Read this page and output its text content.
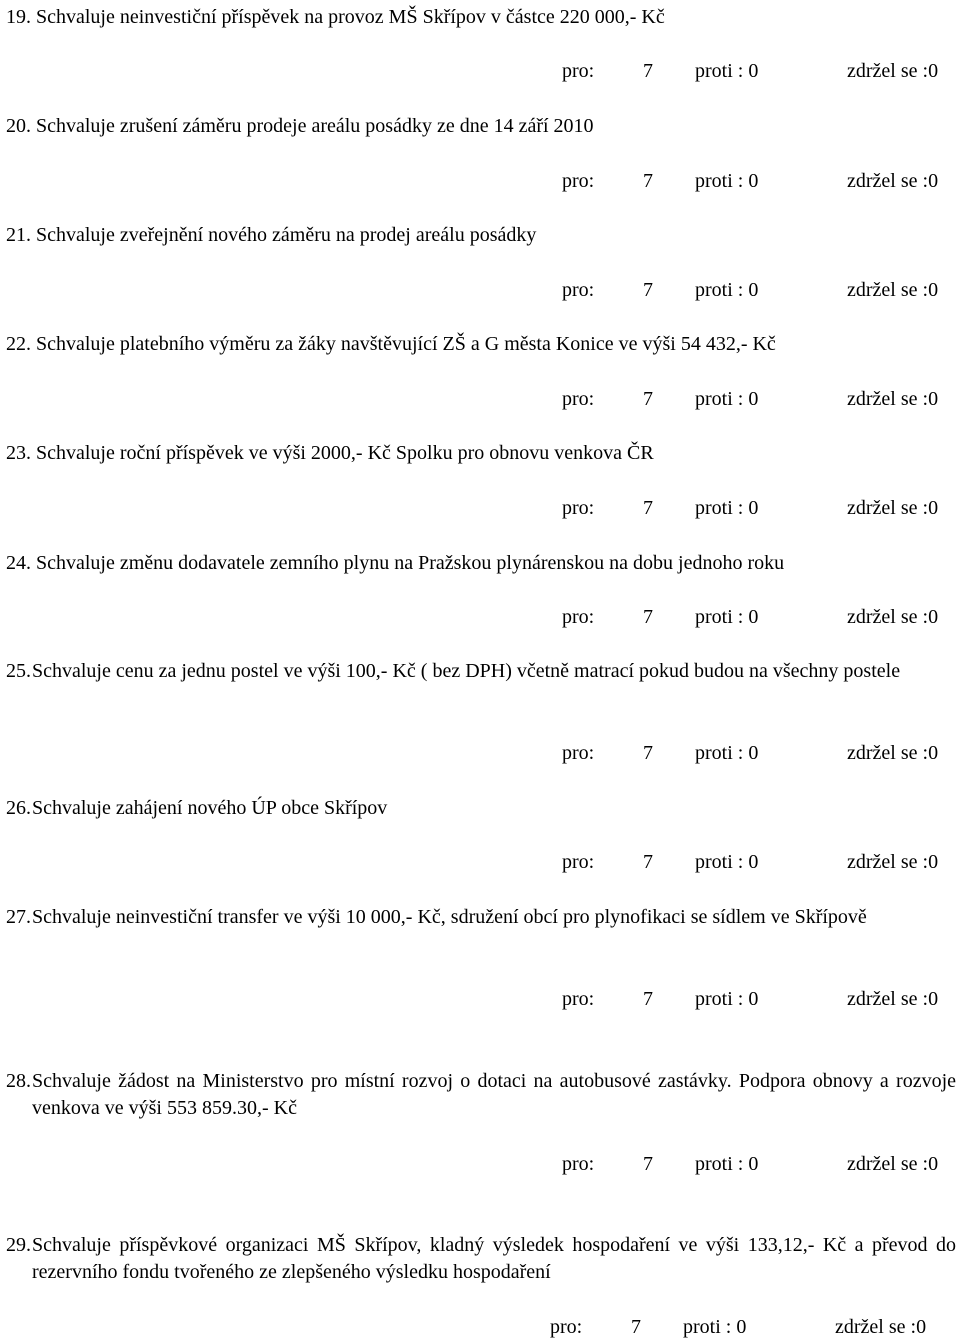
19. Schvaluje neinvestiční příspěvek na provoz MŠ Skřípov v částce 220 000,- Kč
pro: 7 proti : 0	zdržel se :0
20. Schvaluje zrušení záměru prodeje areálu posádky ze dne 14 září 2010
pro: 7 proti : 0	zdržel se :0
21. Schvaluje zveřejnění nového záměru na prodej areálu posádky
pro: 7 proti : 0	zdržel se :0
22. Schvaluje platebního výměru za žáky navštěvující ZŠ a G města Konice ve výši 54 432,- Kč
pro: 7 proti : 0	zdržel se :0
23. Schvaluje roční příspěvek ve výši 2000,- Kč Spolku pro obnovu venkova ČR
pro: 7 proti : 0	zdržel se :0
24. Schvaluje změnu dodavatele zemního plynu na Pražskou plynárenskou na dobu jednoho roku
pro: 7 proti : 0	zdržel se :0
25. Schvaluje cenu za jednu postel ve výši 100,- Kč ( bez DPH) včetně matrací pokud budou na všechny postele
pro: 7 proti : 0	zdržel se :0
26. Schvaluje zahájení nového ÚP obce Skřípov
pro: 7 proti : 0	zdržel se :0
27. Schvaluje neinvestiční transfer ve výši 10 000,- Kč, sdružení obcí pro plynofikaci se sídlem ve Skřípově
pro: 7 proti : 0	zdržel se :0
28. Schvaluje žádost na Ministerstvo pro místní rozvoj o dotaci na autobusové zastávky. Podpora obnovy a rozvoje venkova ve výši 553 859.30,- Kč
pro: 7 proti : 0	zdržel se :0
29. Schvaluje příspěvkové organizaci MŠ Skřípov, kladný výsledek hospodaření ve výši 133,12,- Kč a převod do rezervního fondu tvořeného ze zlepšeného výsledku hospodaření
pro: 7 proti : 0	zdržel se :0
